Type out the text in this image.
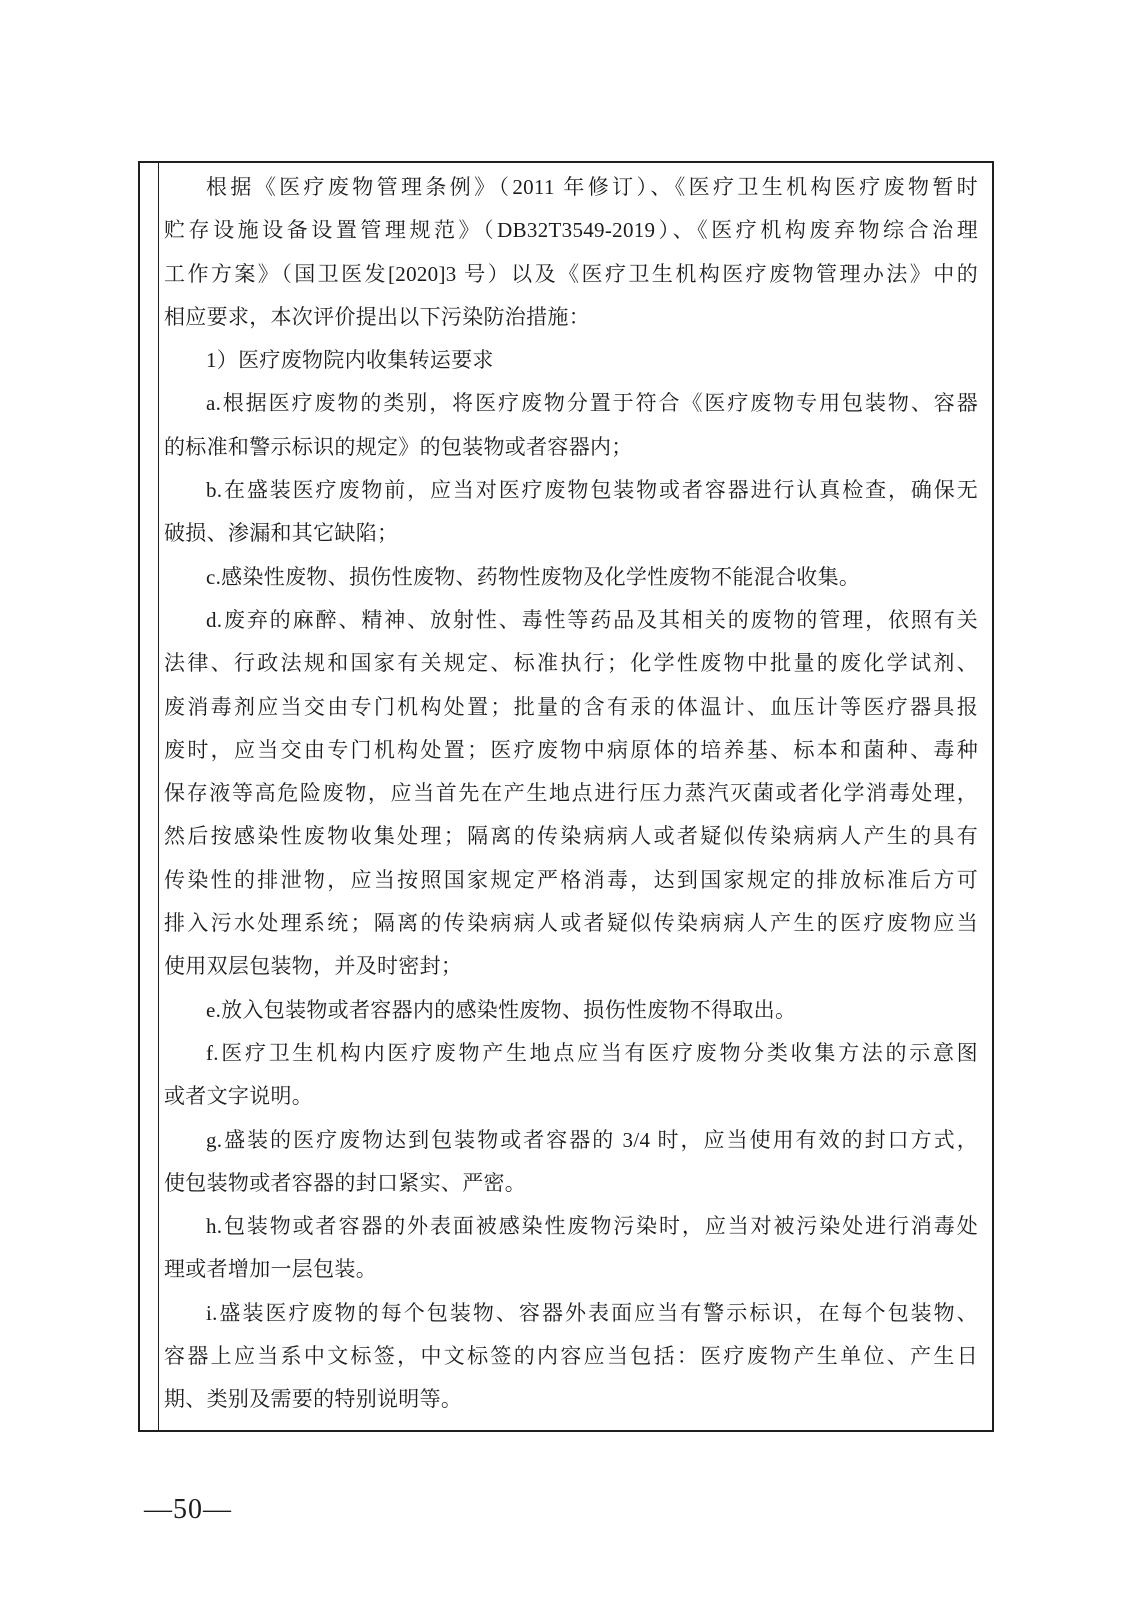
根据《医疗废物管理条例》（2011 年修订）、《医疗卫生机构医疗废物暂时
贮存设施设备设置管理规范》（DB32T3549-2019）、《医疗机构废弃物综合治理
工作方案》（国卫医发[2020]3 号）以及《医疗卫生机构医疗废物管理办法》中的
相应要求，本次评价提出以下污染防治措施：
1）医疗废物院内收集转运要求
a.根据医疗废物的类别，将医疗废物分置于符合《医疗废物专用包装物、容器
的标准和警示标识的规定》的包装物或者容器内；
b.在盛装医疗废物前，应当对医疗废物包装物或者容器进行认真检查，确保无
破损、渗漏和其它缺陷；
c.感染性废物、损伤性废物、药物性废物及化学性废物不能混合收集。
d.废弃的麻醉、精神、放射性、毒性等药品及其相关的废物的管理，依照有关
法律、行政法规和国家有关规定、标准执行；化学性废物中批量的废化学试剂、
废消毒剂应当交由专门机构处置；批量的含有汞的体温计、血压计等医疗器具报
废时，应当交由专门机构处置；医疗废物中病原体的培养基、标本和菌种、毒种
保存液等高危险废物，应当首先在产生地点进行压力蒸汽灭菌或者化学消毒处理，
然后按感染性废物收集处理；隔离的传染病病人或者疑似传染病病人产生的具有
传染性的排泄物，应当按照国家规定严格消毒，达到国家规定的排放标准后方可
排入污水处理系统；隔离的传染病病人或者疑似传染病病人产生的医疗废物应当
使用双层包装物，并及时密封；
e.放入包装物或者容器内的感染性废物、损伤性废物不得取出。
f.医疗卫生机构内医疗废物产生地点应当有医疗废物分类收集方法的示意图
或者文字说明。
g.盛装的医疗废物达到包装物或者容器的 3/4 时，应当使用有效的封口方式，
使包装物或者容器的封口紧实、严密。
h.包装物或者容器的外表面被感染性废物污染时，应当对被污染处进行消毒处
理或者增加一层包装。
i.盛装医疗废物的每个包装物、容器外表面应当有警示标识，在每个包装物、
容器上应当系中文标签，中文标签的内容应当包括：医疗废物产生单位、产生日
期、类别及需要的特别说明等。
—50—
